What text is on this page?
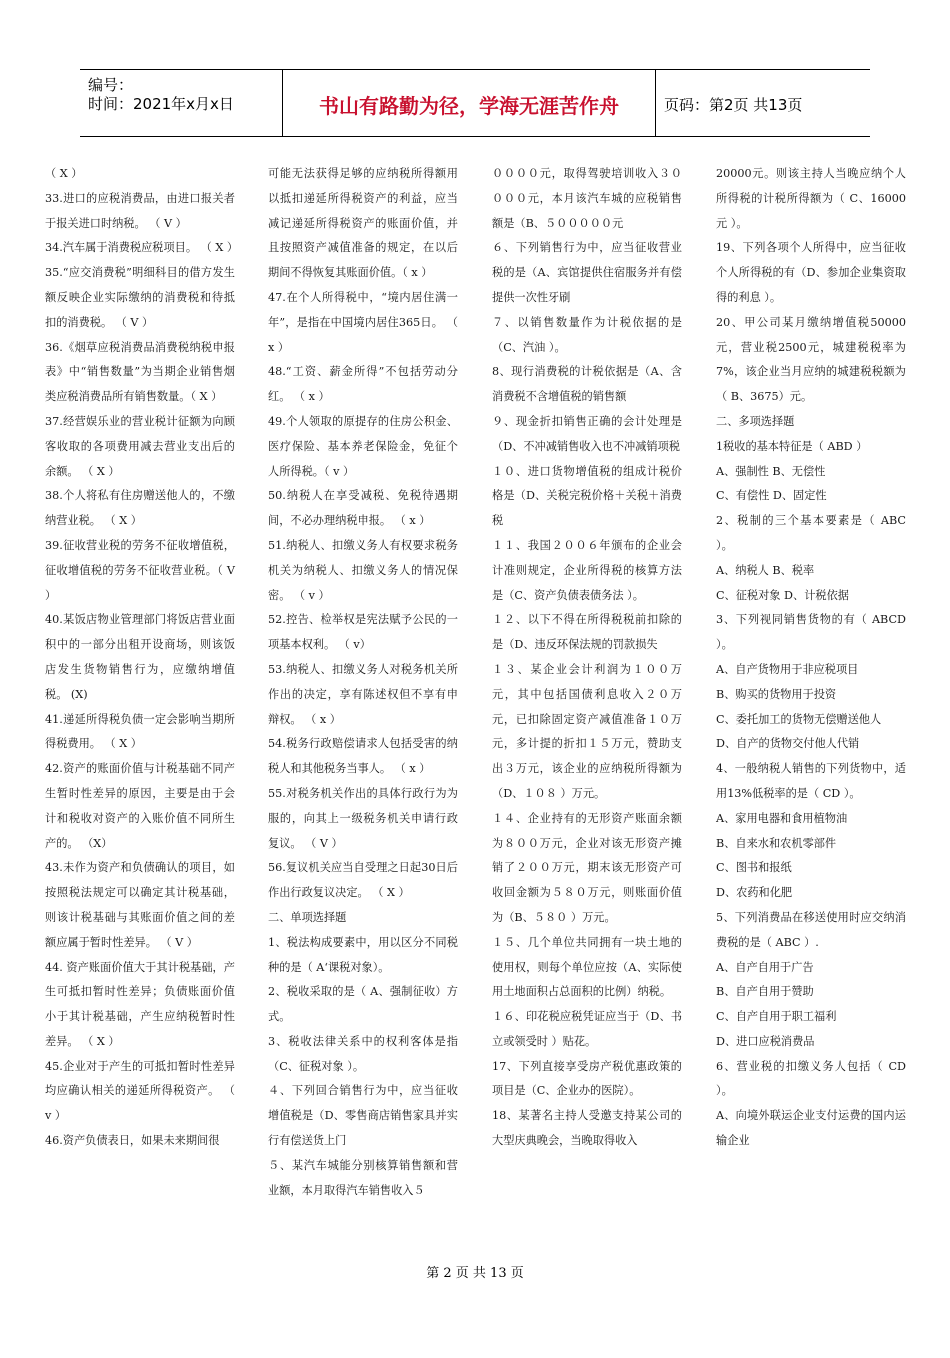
编号：
时间：2021年x月x日	书山有路勤为径，学海无涯苦作舟	页码：第2页 共13页

（ X ）

33.进口的应税消费品，由进口报关者于报关进口时纳税。 （ V ）

34.汽车属于消费税应税项目。 （ X ）

35.“应交消费税”明细科目的借方发生额反映企业实际缴纳的消费税和待抵扣的消费税。 （ V ）

36.《烟草应税消费品消费税纳税申报表》中“销售数量”为当期企业销售烟类应税消费品所有销售数量。（ X ）

37.经营娱乐业的营业税计征额为向顾客收取的各项费用减去营业支出后的余额。 （ X ）

38.个人将私有住房赠送他人的，不缴纳营业税。 （ X ）

39.征收营业税的劳务不征收增值税，征收增值税的劳务不征收营业税。（ V ）

40.某饭店物业管理部门将饭店营业面积中的一部分出租开设商场，则该饭店发生货物销售行为，应缴纳增值税。 (X)

41.递延所得税负债一定会影响当期所得税费用。 （ X ）

42.资产的账面价值与计税基础不同产生暂时性差异的原因，主要是由于会计和税收对资产的入账价值不同所生产的。 （X）

43.未作为资产和负债确认的项目，如按照税法规定可以确定其计税基础，则该计税基础与其账面价值之间的差额应属于暂时性差异。 （ V ）

44. 资产账面价值大于其计税基础，产生可抵扣暂时性差异；负债账面价值小于其计税基础，产生应纳税暂时性差异。 （ X ）

45.企业对于产生的可抵扣暂时性差异均应确认相关的递延所得税资产。 （ v ）

46.资产负债表日，如果未来期间很

可能无法获得足够的应纳税所得额用以抵扣递延所得税资产的利益，应当减记递延所得税资产的账面价值，并且按照资产减值准备的规定，在以后期间不得恢复其账面价值。（ x ）

47.在个人所得税中，“境内居住满一年”，是指在中国境内居住365日。 （ x ）

48.“工资、薪金所得”不包括劳动分红。 （ x ）

49.个人领取的原提存的住房公积金、医疗保险、基本养老保险金，免征个人所得税。（ v ）

50.纳税人在享受减税、免税待遇期间，不必办理纳税申报。 （ x ）

51.纳税人、扣缴义务人有权要求税务机关为纳税人、扣缴义务人的情况保密。 （ v ）

52.控告、检举权是宪法赋予公民的一项基本权利。 （ v）

53.纳税人、扣缴义务人对税务机关所作出的决定，享有陈述权但不享有申辩权。 （ x ）

54.税务行政赔偿请求人包括受害的纳税人和其他税务当事人。 （ x ）

55.对税务机关作出的具体行政行为为服的，向其上一级税务机关申请行政复议。 （ V ）

56.复议机关应当自受理之日起30日后作出行政复议决定。 （ X ）

二、单项选择题

1、税法构成要素中，用以区分不同税种的是（ A‘课税对象）。

2、税收采取的是（ A、强制征收）方式。

3、税收法律关系中的权利客体是指（C、征税对象 ）。

４、下列回合销售行为中，应当征收增值税是（D、零售商店销售家具并实行有偿送货上门

５、某汽车城能分别核算销售额和营业额，本月取得汽车销售收入５

００００元，取得驾驶培训收入３００００元，本月该汽车城的应税销售额是（B、５０００００元

６、下列销售行为中，应当征收营业税的是（A、宾馆提供住宿服务并有偿提供一次性牙刷

７、以销售数量作为计税依据的是（C、汽油 ）。

8、现行消费税的计税依据是（A、含消费税不含增值税的销售额

９、现金折扣销售正确的会计处理是（D、不冲减销售收入也不冲减销项税

１０、进口货物增值税的组成计税价格是（D、关税完税价格＋关税＋消费税

１１、我国２００６年颁布的企业会计准则规定，企业所得税的核算方法是（C、资产负债表债务法 ）。

１２、以下不得在所得税税前扣除的是（D、违反环保法规的罚款损失

１３、某企业会计利润为１００万元，其中包括国债利息收入２０万元，已扣除固定资产减值准备１０万元，多计提的折扣１５万元，赞助支出３万元，该企业的应纳税所得额为（D、１０８ ）万元。

１４、企业持有的无形资产账面余额为８００万元，企业对该无形资产摊销了２００万元，期末该无形资产可收回金额为５８０万元，则账面价值为（B、５８０ ）万元。

１５、几个单位共同拥有一块土地的使用权，则每个单位应按（A、实际使用土地面积占总面积的比例）纳税。

１６、印花税应税凭证应当于（D、书立或领受时 ）贴花。

17、下列直接享受房产税优惠政策的项目是（C、企业办的医院）。

18、某著名主持人受邀支持某公司的大型庆典晚会，当晚取得收入

20000元。则该主持人当晚应纳个人所得税的计税所得额为（ C、16000元 ）。

19、下列各项个人所得中，应当征收个人所得税的有（D、参加企业集资取得的利息 ）。

20、甲公司某月缴纳增值税50000元，营业税2500元，城建税税率为7%，该企业当月应纳的城建税税额为（ B、3675）元。

二、多项选择题

1税收的基本特征是（ ABD ）

A、强制性 B、无偿性

C、有偿性 D、固定性

2、税制的三个基本要素是（ ABC ）。

A、纳税人 B、税率

C、征税对象 D、计税依据

3、下列视同销售货物的有（ ABCD ）。

A、自产货物用于非应税项目

B、购买的货物用于投资

C、委托加工的货物无偿赠送他人

D、自产的货物交付他人代销

4、一般纳税人销售的下列货物中，适用13%低税率的是（ CD ）。

A、家用电器和食用植物油

B、自来水和农机零部件

C、图书和报纸

D、农药和化肥

5、下列消费品在移送使用时应交纳消费税的是（ ABC ）.

A、自产自用于广告

B、自产自用于赞助

C、自产自用于职工福利

D、进口应税消费品

6、营业税的扣缴义务人包括（ CD ）。

A、向境外联运企业支付运费的国内运输企业

第 2 页 共 13 页
